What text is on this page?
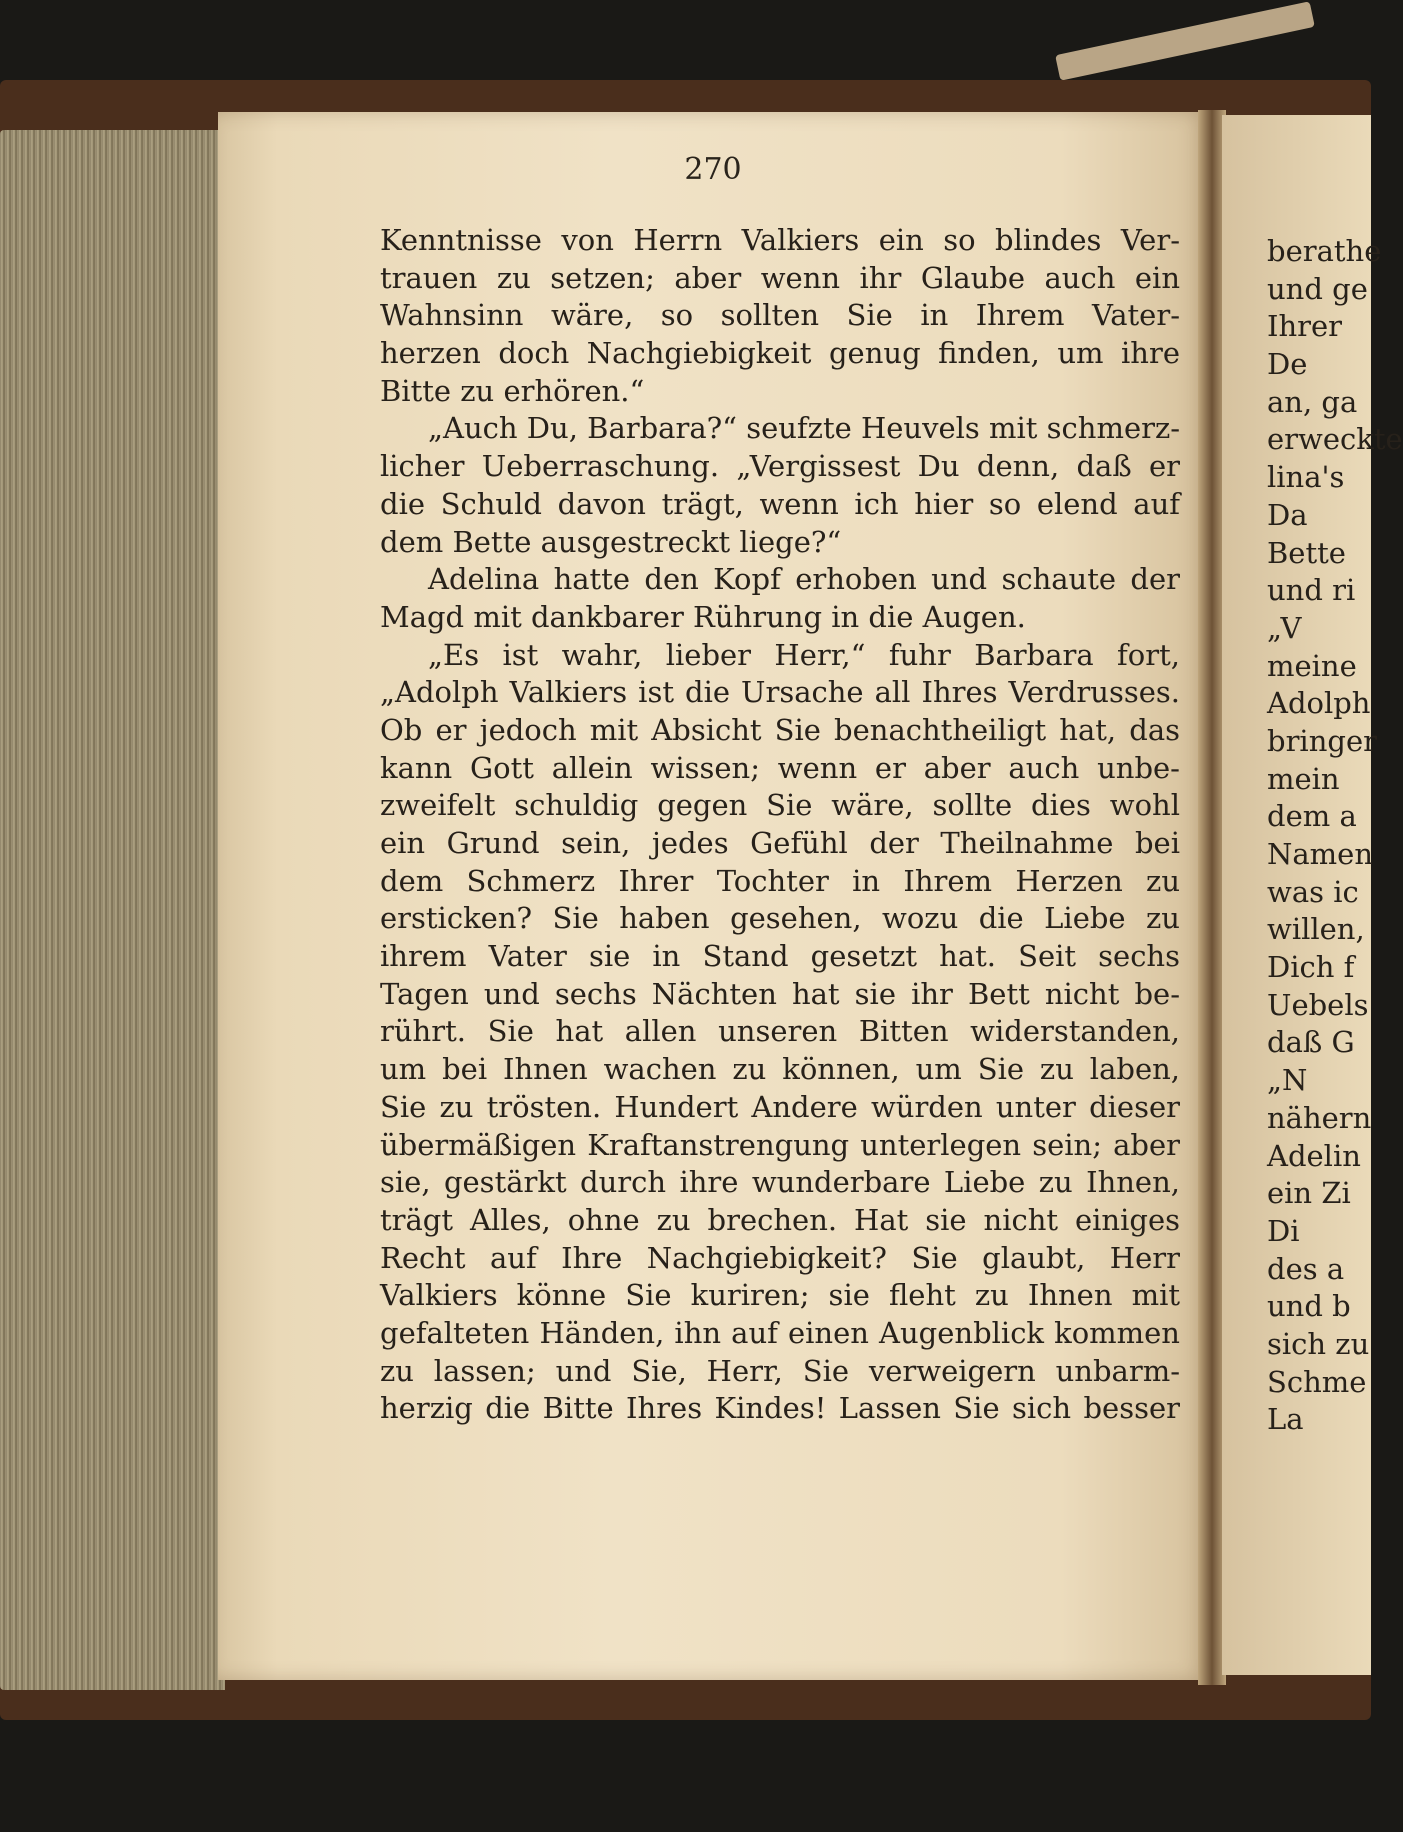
270
Kenntnisse von Herrn Valkiers ein so blindes Ver-
trauen zu setzen; aber wenn ihr Glaube auch ein
Wahnsinn wäre, so sollten Sie in Ihrem Vater-
herzen doch Nachgiebigkeit genug finden, um ihre
Bitte zu erhören.“
„Auch Du, Barbara?“ seufzte Heuvels mit schmerz-
licher Ueberraschung. „Vergissest Du denn, daß er
die Schuld davon trägt, wenn ich hier so elend auf
dem Bette ausgestreckt liege?“
Adelina hatte den Kopf erhoben und schaute der
Magd mit dankbarer Rührung in die Augen.
„Es ist wahr, lieber Herr,“ fuhr Barbara fort,
„Adolph Valkiers ist die Ursache all Ihres Verdrusses.
Ob er jedoch mit Absicht Sie benachtheiligt hat, das
kann Gott allein wissen; wenn er aber auch unbe-
zweifelt schuldig gegen Sie wäre, sollte dies wohl
ein Grund sein, jedes Gefühl der Theilnahme bei
dem Schmerz Ihrer Tochter in Ihrem Herzen zu
ersticken? Sie haben gesehen, wozu die Liebe zu
ihrem Vater sie in Stand gesetzt hat. Seit sechs
Tagen und sechs Nächten hat sie ihr Bett nicht be-
rührt. Sie hat allen unseren Bitten widerstanden,
um bei Ihnen wachen zu können, um Sie zu laben,
Sie zu trösten. Hundert Andere würden unter dieser
übermäßigen Kraftanstrengung unterlegen sein; aber
sie, gestärkt durch ihre wunderbare Liebe zu Ihnen,
trägt Alles, ohne zu brechen. Hat sie nicht einiges
Recht auf Ihre Nachgiebigkeit? Sie glaubt, Herr
Valkiers könne Sie kuriren; sie fleht zu Ihnen mit
gefalteten Händen, ihn auf einen Augenblick kommen
zu lassen; und Sie, Herr, Sie verweigern unbarm-
herzig die Bitte Ihres Kindes! Lassen Sie sich besser
berathe
und ge
Ihrer
De
an, ga
erweckte
lina's
Da
Bette
und ri
„V
meine
Adolph
bringer
mein
dem a
Namen
was ic
willen,
Dich f
Uebels
daß G
„N
nähern
Adelin
ein Zi
Di
des a
und b
sich zu
Schme
La
